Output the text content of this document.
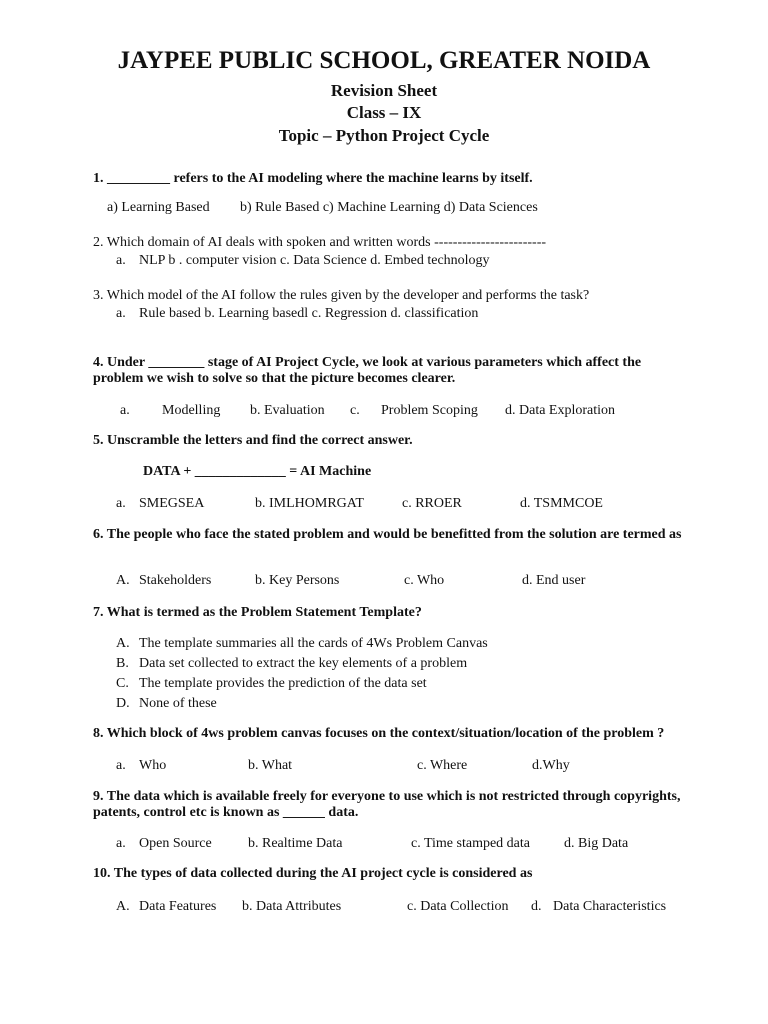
JAYPEE PUBLIC SCHOOL, GREATER NOIDA
Revision Sheet
Class – IX
Topic – Python Project Cycle
1. _________ refers to the AI modeling where the machine learns by itself.
a) Learning Based b) Rule Based c) Machine Learning d) Data Sciences
2. Which domain of AI deals with spoken and written words ------------------------
a. NLP b . computer vision c. Data Science d. Embed technology
3. Which model of the AI follow the rules given by the developer and performs the task?
a. Rule based b. Learning basedl c. Regression d. classification
4. Under ________ stage of AI Project Cycle, we look at various parameters which affect the problem we wish to solve so that the picture becomes clearer.
a. Modelling b. Evaluation c. Problem Scoping d. Data Exploration
5. Unscramble the letters and find the correct answer.
DATA + _____________ = AI Machine
a. SMEGSEA	b. IMLHOMRGAT	c. RROER	d. TSMMCOE
6. The people who face the stated problem and would be benefitted from the solution are termed as
A. Stakeholders	b. Key Persons	c. Who	d. End user
7. What is termed as the Problem Statement Template?
A. The template summaries all the cards of 4Ws Problem Canvas
B. Data set collected to extract the key elements of a problem
C. The template provides the prediction of the data set
D. None of these
8. Which block of 4ws problem canvas focuses on the context/situation/location of the problem ?
a. Who	b. What	c. Where	d.Why
9. The data which is available freely for everyone to use which is not restricted through copyrights, patents, control etc is known as ______ data.
a. Open Source	b. Realtime Data	c. Time stamped data d. Big Data
10. The types of data collected during the AI project cycle is considered as
A. Data Features b. Data Attributes	c. Data Collection d. Data Characteristics
